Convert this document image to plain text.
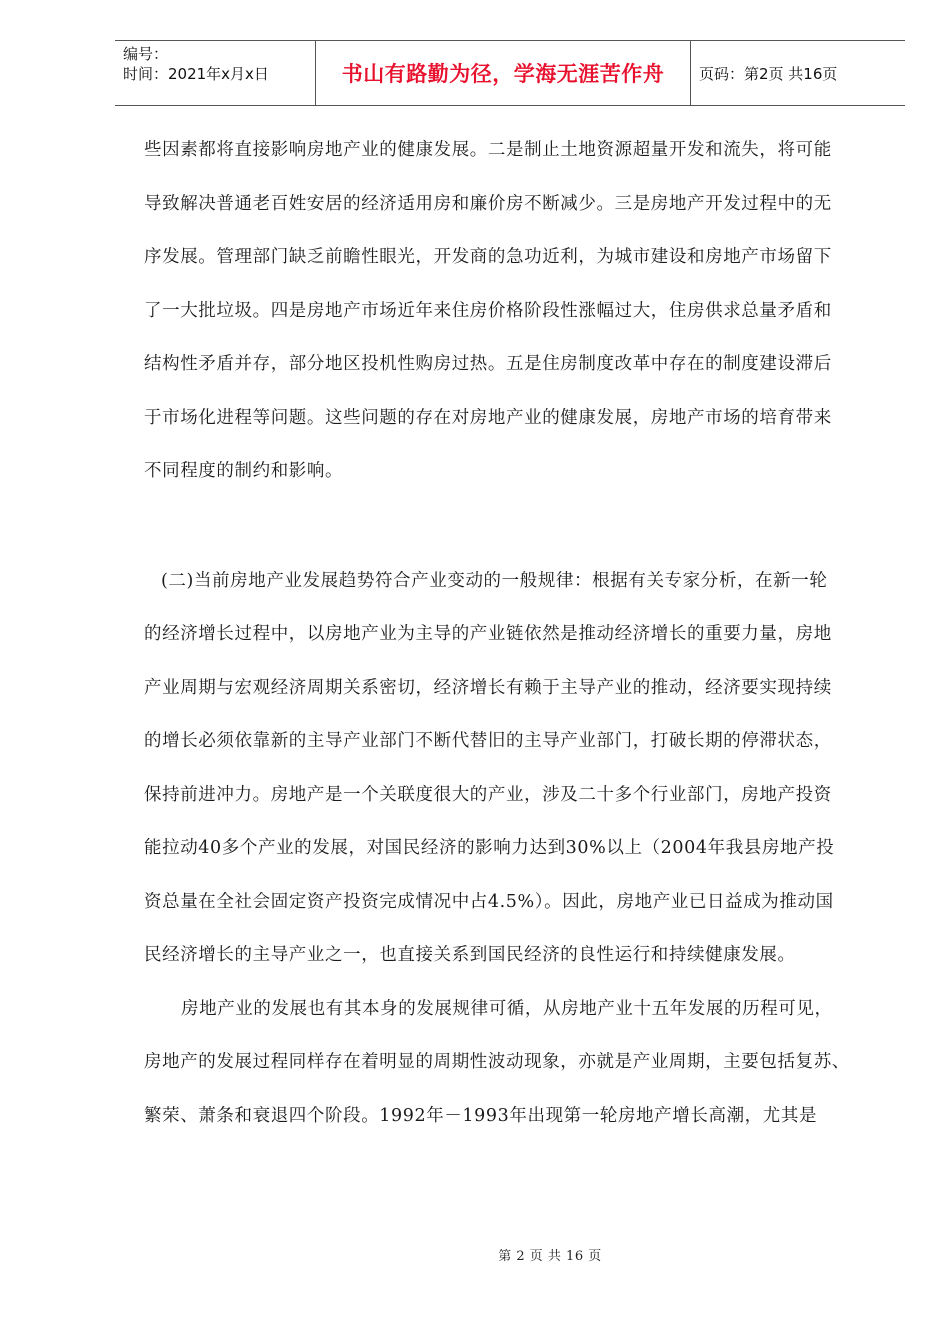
编号：
时间：2021年x月x日	书山有路勤为径，学海无涯苦作舟 页码：第2页 共16页
些因素都将直接影响房地产业的健康发展。二是制止土地资源超量开发和流失，将可能
导致解决普通老百姓安居的经济适用房和廉价房不断减少。三是房地产开发过程中的无
序发展。管理部门缺乏前瞻性眼光，开发商的急功近利，为城市建设和房地产市场留下
了一大批垃圾。四是房地产市场近年来住房价格阶段性涨幅过大，住房供求总量矛盾和
结构性矛盾并存，部分地区投机性购房过热。五是住房制度改革中存在的制度建设滞后
于市场化进程等问题。这些问题的存在对房地产业的健康发展，房地产市场的培育带来
不同程度的制约和影响。
(二)当前房地产业发展趋势符合产业变动的一般规律：根据有关专家分析，在新一轮
的经济增长过程中，以房地产业为主导的产业链依然是推动经济增长的重要力量，房地
产业周期与宏观经济周期关系密切，经济增长有赖于主导产业的推动，经济要实现持续
的增长必须依靠新的主导产业部门不断代替旧的主导产业部门，打破长期的停滞状态，
保持前进冲力。房地产是一个关联度很大的产业，涉及二十多个行业部门，房地产投资
能拉动40多个产业的发展，对国民经济的影响力达到30%以上（2004年我县房地产投
资总量在全社会固定资产投资完成情况中占4.5%）。因此，房地产业已日益成为推动国
民经济增长的主导产业之一，也直接关系到国民经济的良性运行和持续健康发展。
房地产业的发展也有其本身的发展规律可循，从房地产业十五年发展的历程可见，
房地产的发展过程同样存在着明显的周期性波动现象，亦就是产业周期，主要包括复苏、
繁荣、萧条和衰退四个阶段。1992年－1993年出现第一轮房地产增长高潮，尤其是
第 2 页 共 16 页
